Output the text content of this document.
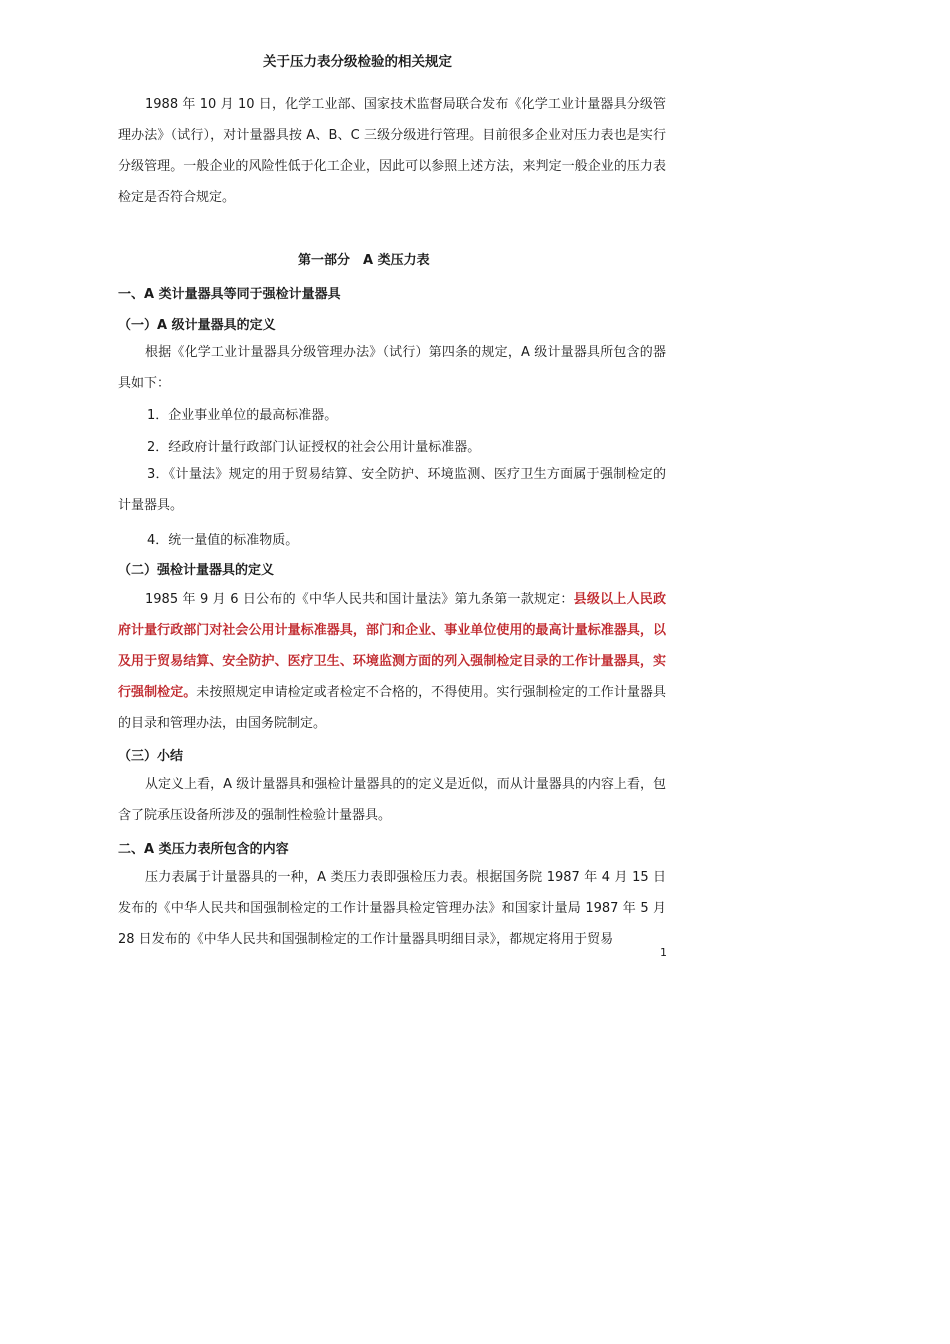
关于压力表分级检验的相关规定

1988 年 10 月 10 日，化学工业部、国家技术监督局联合发布《化学工业计量器具分级管理办法》（试行），对计量器具按 A、B、C 三级分级进行管理。目前很多企业对压力表也是实行分级管理。一般企业的风险性低于化工企业，因此可以参照上述方法，来判定一般企业的压力表检定是否符合规定。

第一部分　A 类压力表
一、A 类计量器具等同于强检计量器具
（一）A 级计量器具的定义

根据《化学工业计量器具分级管理办法》（试行）第四条的规定，A 级计量器具所包含的器具如下：

1．企业事业单位的最高标准器。
2．经政府计量行政部门认证授权的社会公用计量标准器。

3．《计量法》规定的用于贸易结算、安全防护、环境监测、医疗卫生方面属于强制检定的计量器具。

4．统一量值的标准物质。
（二）强检计量器具的定义

1985 年 9 月 6 日公布的《中华人民共和国计量法》第九条第一款规定：县级以上人民政府计量行政部门对社会公用计量标准器具，部门和企业、事业单位使用的最高计量标准器具，以及用于贸易结算、安全防护、医疗卫生、环境监测方面的列入强制检定目录的工作计量器具，实行强制检定。未按照规定申请检定或者检定不合格的，不得使用。实行强制检定的工作计量器具的目录和管理办法，由国务院制定。

（三）小结

从定义上看，A 级计量器具和强检计量器具的的定义是近似，而从计量器具的内容上看，包含了院承压设备所涉及的强制性检验计量器具。

二、A 类压力表所包含的内容

压力表属于计量器具的一种，A 类压力表即强检压力表。根据国务院 1987 年 4 月 15 日发布的《中华人民共和国强制检定的工作计量器具检定管理办法》和国家计量局 1987 年 5 月 28 日发布的《中华人民共和国强制检定的工作计量器具明细目录》，都规定将用于贸易

1
